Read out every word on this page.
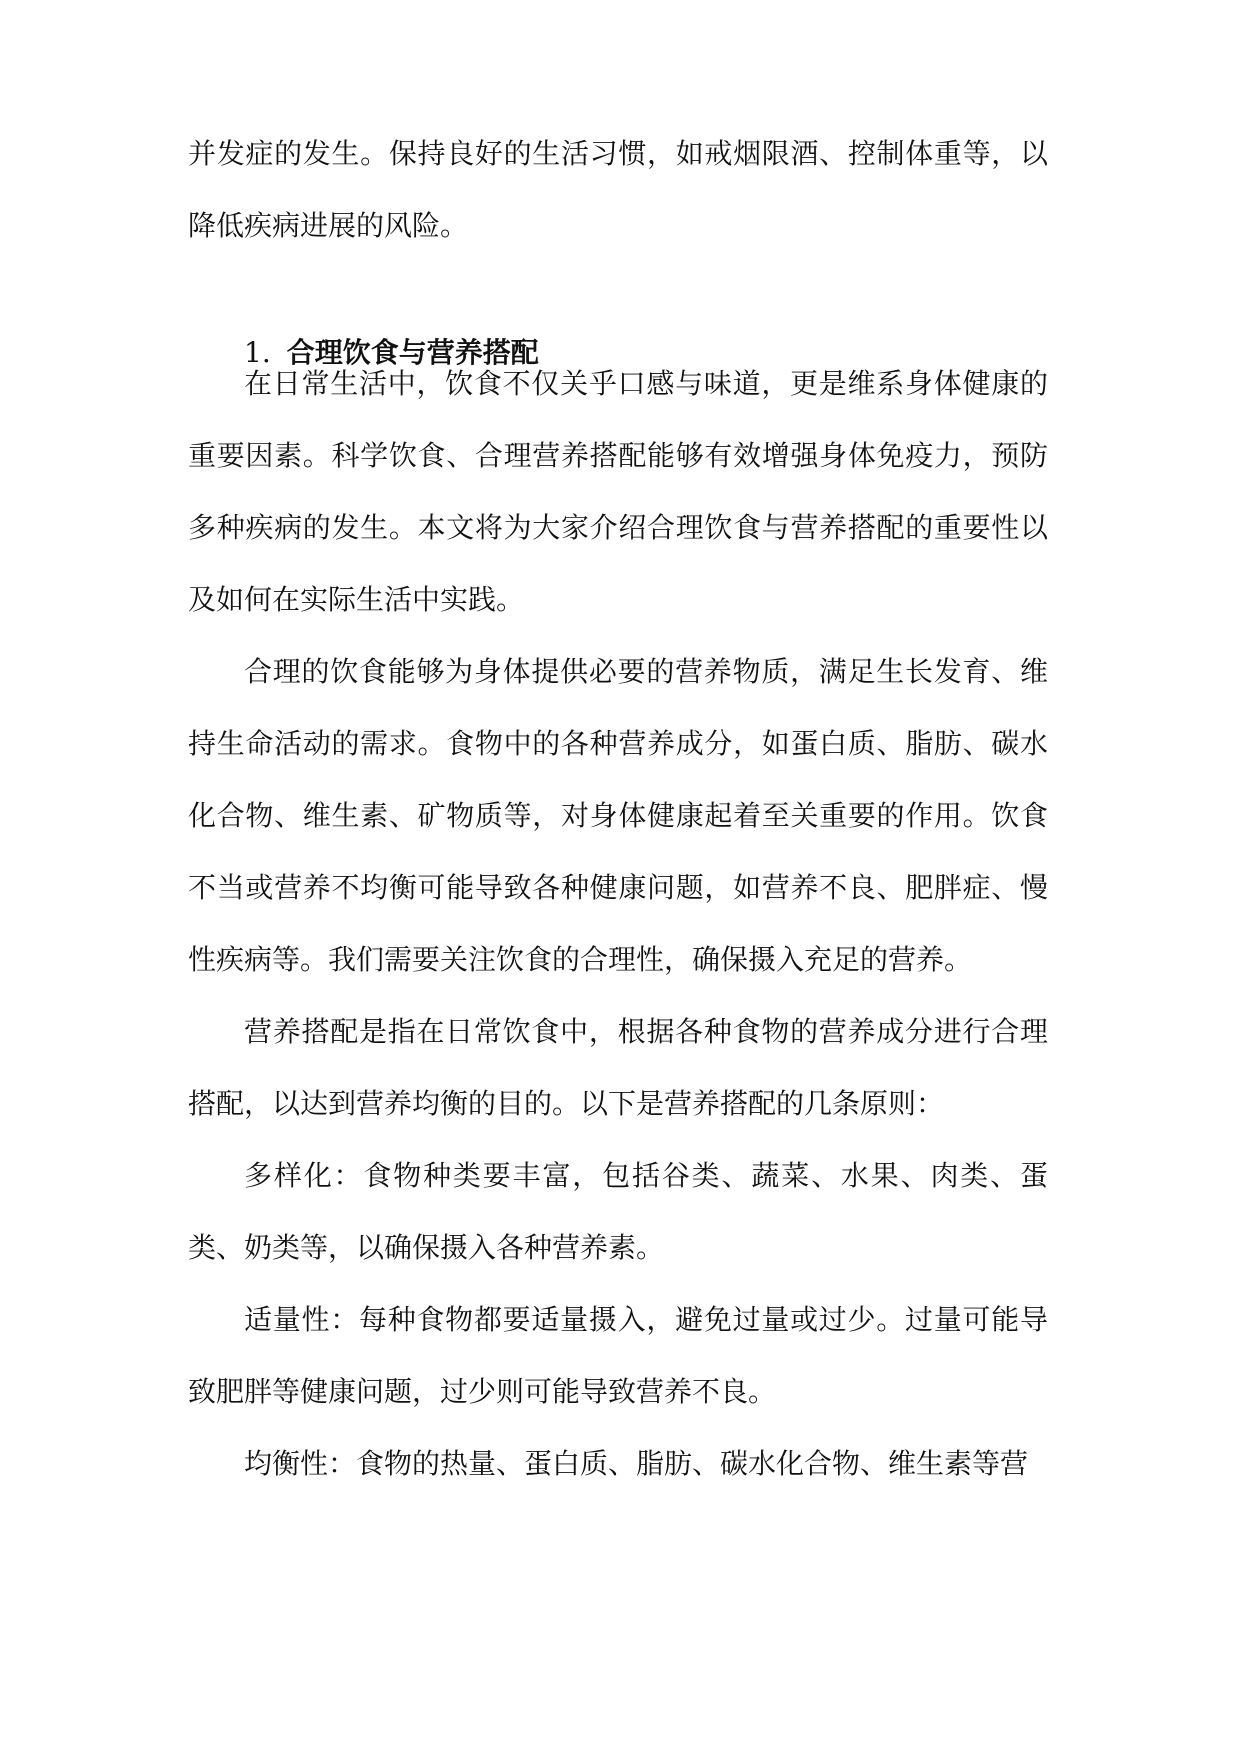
并发症的发生。保持良好的生活习惯，如戒烟限酒、控制体重等，以降低疾病进展的风险。

1. 合理饮食与营养搭配

在日常生活中，饮食不仅关乎口感与味道，更是维系身体健康的重要因素。科学饮食、合理营养搭配能够有效增强身体免疫力，预防多种疾病的发生。本文将为大家介绍合理饮食与营养搭配的重要性以及如何在实际生活中实践。

合理的饮食能够为身体提供必要的营养物质，满足生长发育、维持生命活动的需求。食物中的各种营养成分，如蛋白质、脂肪、碳水化合物、维生素、矿物质等，对身体健康起着至关重要的作用。饮食不当或营养不均衡可能导致各种健康问题，如营养不良、肥胖症、慢性疾病等。我们需要关注饮食的合理性，确保摄入充足的营养。

营养搭配是指在日常饮食中，根据各种食物的营养成分进行合理搭配，以达到营养均衡的目的。以下是营养搭配的几条原则：

多样化：食物种类要丰富，包括谷类、蔬菜、水果、肉类、蛋类、奶类等，以确保摄入各种营养素。

适量性：每种食物都要适量摄入，避免过量或过少。过量可能导致肥胖等健康问题，过少则可能导致营养不良。

均衡性：食物的热量、蛋白质、脂肪、碳水化合物、维生素等营
